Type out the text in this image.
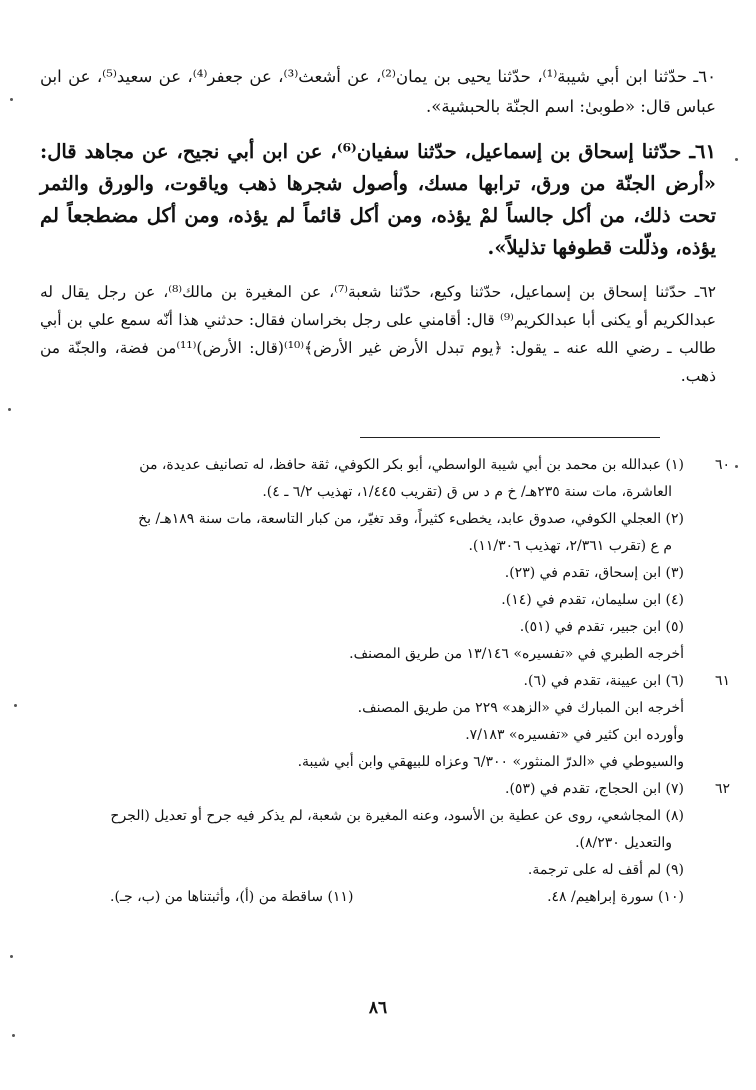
٦٠ـ حدّثنا ابن أبي شيبة⁽¹⁾، حدّثنا يحيى بن يمان⁽²⁾، عن أشعث⁽³⁾، عن جعفر⁽⁴⁾، عن سعيد⁽⁵⁾، عن ابن عباس قال: «طوبىٰ: اسم الجنّة بالحبشية».

٦١ـ حدّثنا إسحاق بن إسماعيل، حدّثنا سفيان⁽⁶⁾، عن ابن أبي نجيح، عن مجاهد قال: «أرض الجنّة من ورق، ترابها مسك، وأصول شجرها ذهب وياقوت، والورق والثمر تحت ذلك، من أكل جالساً لمْ يؤذه، ومن أكل قائماً لم يؤذه، ومن أكل مضطجعاً لم يؤذه، وذلّلت قطوفها تذليلاً».

٦٢ـ حدّثنا إسحاق بن إسماعيل، حدّثنا وكيع، حدّثنا شعبة⁽⁷⁾، عن المغيرة بن مالك⁽⁸⁾، عن رجل يقال له عبدالكريم أو يكنى أبا عبدالكريم⁽⁹⁾ قال: أقامني على رجل بخراسان فقال: حدثني هذا أنّه سمع علي بن أبي طالب ـ رضي الله عنه ـ يقول: ﴿يوم تبدل الأرض غير الأرض﴾⁽¹⁰⁾(قال: الأرض)⁽¹¹⁾من فضة، والجنّة من ذهب.

٦٠
(١) عبدالله بن محمد بن أبي شيبة الواسطي، أبو بكر الكوفي، ثقة حافظ، له تصانيف عديدة، من
العاشرة، مات سنة ٢٣٥هـ/ خ م د س ق (تقريب ١/٤٤٥، تهذيب ٦/٢ ـ ٤).
(٢) العجلي الكوفي، صدوق عابد، يخطىء كثيراً، وقد تغيّر، من كبار التاسعة، مات سنة ١٨٩هـ/ بخ
م ع (تقرب ٢/٣٦١، تهذيب ١١/٣٠٦).
(٣) ابن إسحاق، تقدم في (٢٣).
(٤) ابن سليمان، تقدم في (١٤).
(٥) ابن جبير، تقدم في (٥١).
أخرجه الطبري في «تفسيره» ١٣/١٤٦ من طريق المصنف.
٦١
(٦) ابن عيينة، تقدم في (٦).
أخرجه ابن المبارك في «الزهد» ٢٢٩ من طريق المصنف.
وأورده ابن كثير في «تفسيره» ٧/١٨٣.
والسيوطي في «الدرّ المنثور» ٦/٣٠٠ وعزاه للبيهقي وابن أبي شيبة.
٦٢
(٧) ابن الحجاج، تقدم في (٥٣).
(٨) المجاشعي، روى عن عطية بن الأسود، وعنه المغيرة بن شعبة، لم يذكر فيه جرح أو تعديل (الجرح
والتعديل ٨/٢٣٠).
(٩) لم أقف له على ترجمة.
(١٠) سورة إبراهيم/ ٤٨.
(١١) ساقطة من (أ)، وأثبتناها من (ب، جـ).
٨٦
